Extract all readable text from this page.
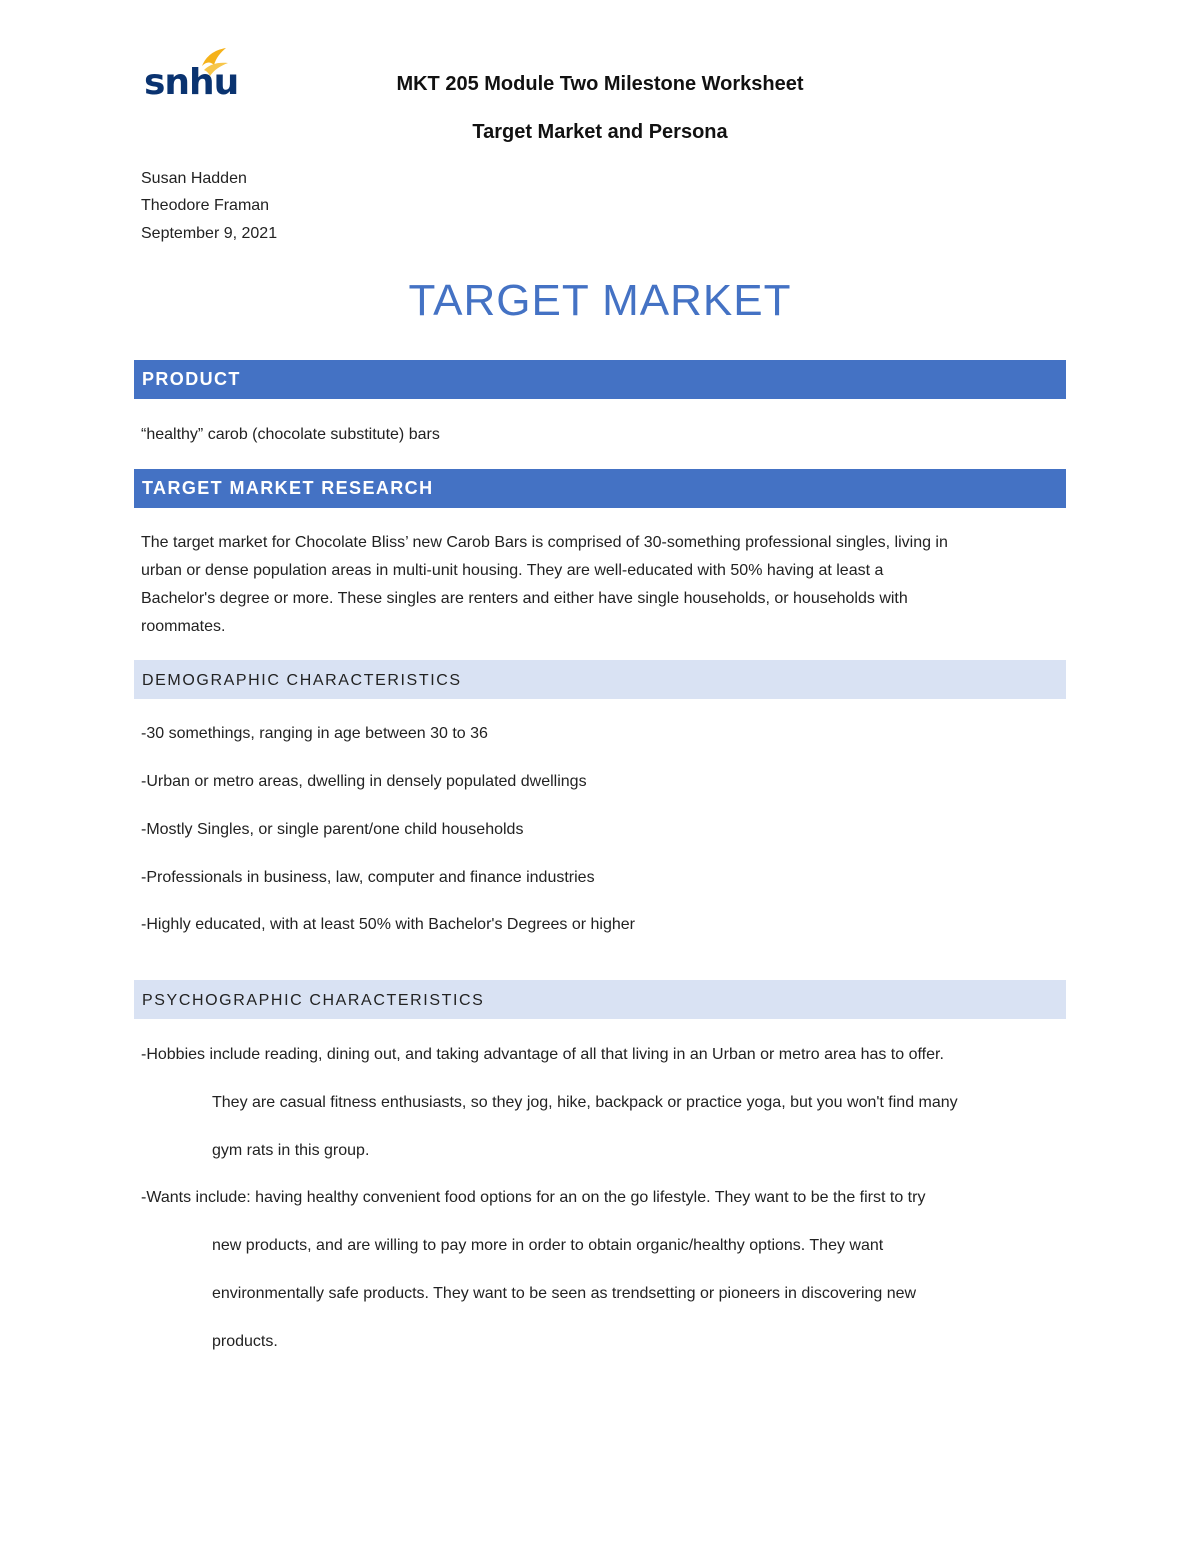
snhu	MKT 205 Module Two Milestone Worksheet
Target Market and Persona
Susan Hadden
Theodore Framan
September 9, 2021
TARGET MARKET
PRODUCT
“healthy” carob (chocolate substitute) bars
TARGET MARKET RESEARCH
The target market for Chocolate Bliss’ new Carob Bars is comprised of 30-something professional singles, living in
urban or dense population areas in multi-unit housing. They are well-educated with 50% having at least a
Bachelor's degree or more. These singles are renters and either have single households, or households with
roommates.
DEMOGRAPHIC CHARACTERISTICS
-30 somethings, ranging in age between 30 to 36
-Urban or metro areas, dwelling in densely populated dwellings
-Mostly Singles, or single parent/one child households
-Professionals in business, law, computer and finance industries
-Highly educated, with at least 50% with Bachelor's Degrees or higher
PSYCHOGRAPHIC CHARACTERISTICS
-Hobbies include reading, dining out, and taking advantage of all that living in an Urban or metro area has to offer.
They are casual fitness enthusiasts, so they jog, hike, backpack or practice yoga, but you won't find many
gym rats in this group.
-Wants include: having healthy convenient food options for an on the go lifestyle. They want to be the first to try
new products, and are willing to pay more in order to obtain organic/healthy options. They want
environmentally safe products. They want to be seen as trendsetting or pioneers in discovering new
products.
